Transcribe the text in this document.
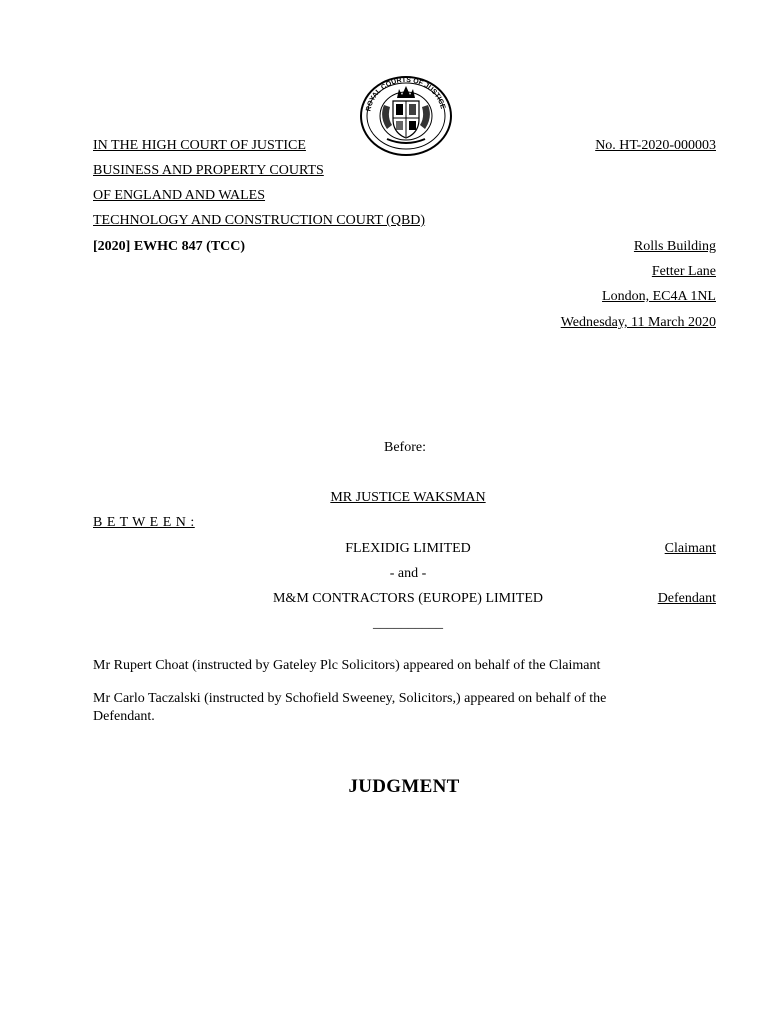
ROYAL COURTS OF JUSTICE
IN THE HIGH COURT OF JUSTICE
BUSINESS AND PROPERTY COURTS
OF ENGLAND AND WALES
TECHNOLOGY AND CONSTRUCTION COURT (QBD)
[2020] EWHC 847 (TCC)
No. HT-2020-000003
Rolls Building
Fetter Lane
London, EC4A 1NL
Wednesday, 11 March 2020
Before:
MR JUSTICE WAKSMAN
B E T W E E N :
FLEXIDIG LIMITED	Claimant
- and -
M&M CONTRACTORS (EUROPE) LIMITED	Defendant
__________
Mr Rupert Choat (instructed by Gateley Plc Solicitors) appeared on behalf of the Claimant
Mr Carlo Taczalski (instructed by Schofield Sweeney, Solicitors,) appeared on behalf of the
Defendant.
JUDGMENT
